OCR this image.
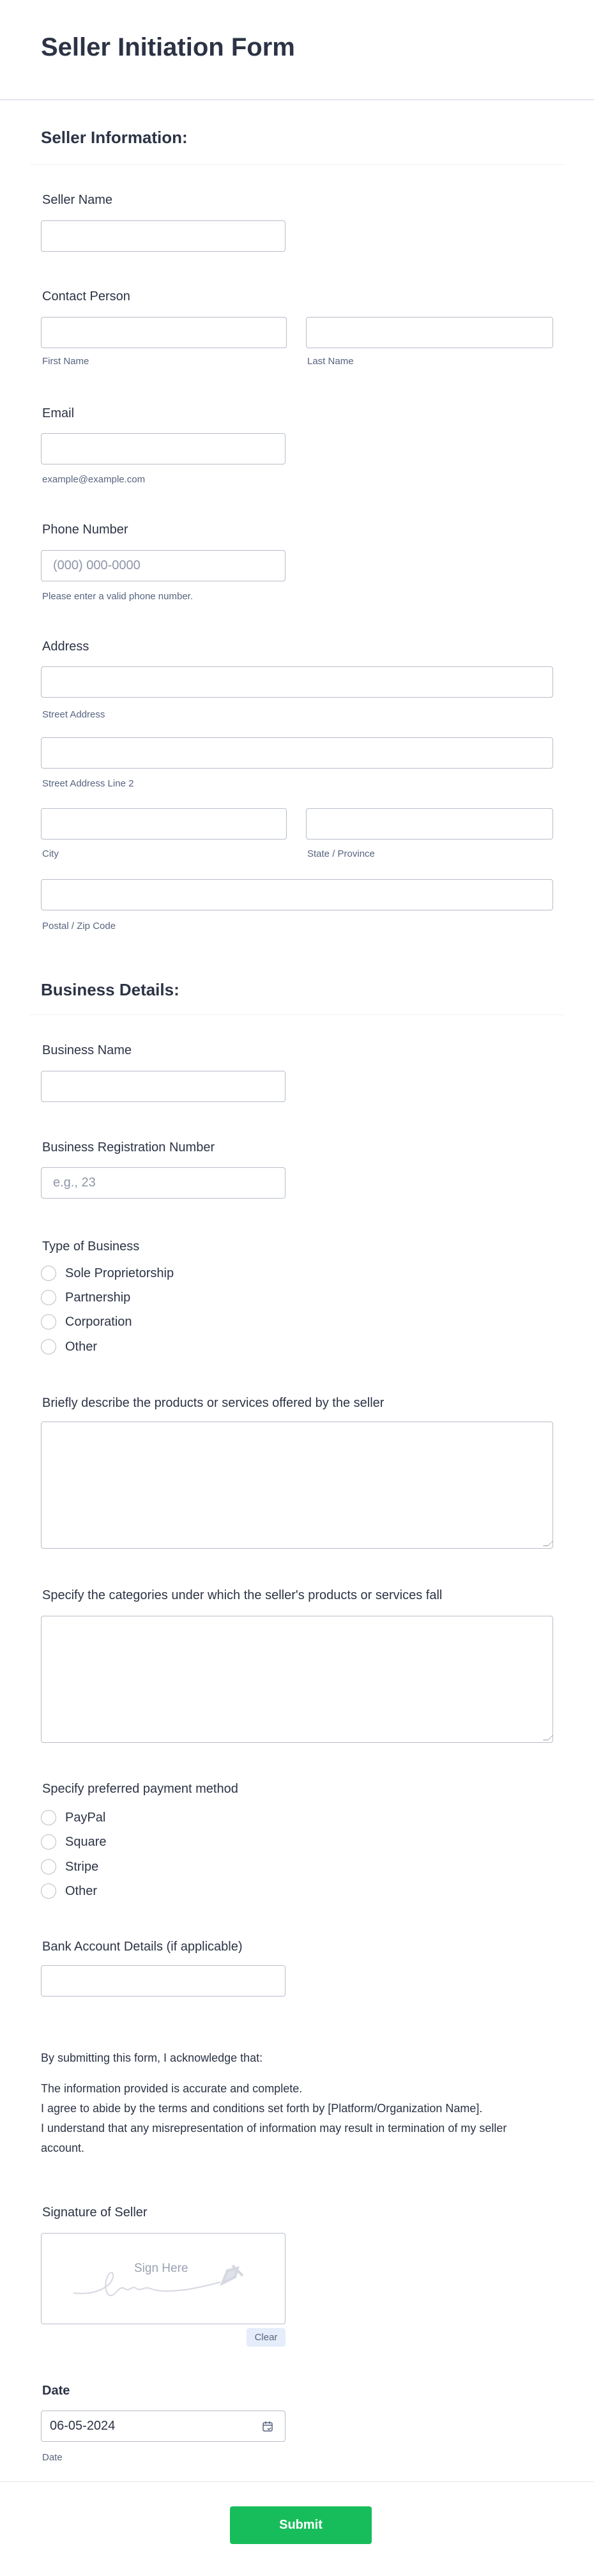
Seller Initiation Form
Seller Information:
Seller Name
Contact Person
First Name	Last Name
Email
example@example.com
Phone Number
(000) 000-0000
Please enter a valid phone number.
Address
Street Address
Street Address Line 2
City	State / Province
Postal / Zip Code
Business Details:
Business Name
Business Registration Number
e.g., 23
Type of Business
Sole Proprietorship
Partnership
Corporation
Other
Briefly describe the products or services offered by the seller
Specify the categories under which the seller's products or services fall
Specify preferred payment method
PayPal
Square
Stripe
Other
Bank Account Details (if applicable)
By submitting this form, I acknowledge that:
The information provided is accurate and complete.
I agree to abide by the terms and conditions set forth by [Platform/Organization Name].
I understand that any misrepresentation of information may result in termination of my seller account.
Signature of Seller
Sign Here
Clear
Date
06-05-2024
Date
Submit
